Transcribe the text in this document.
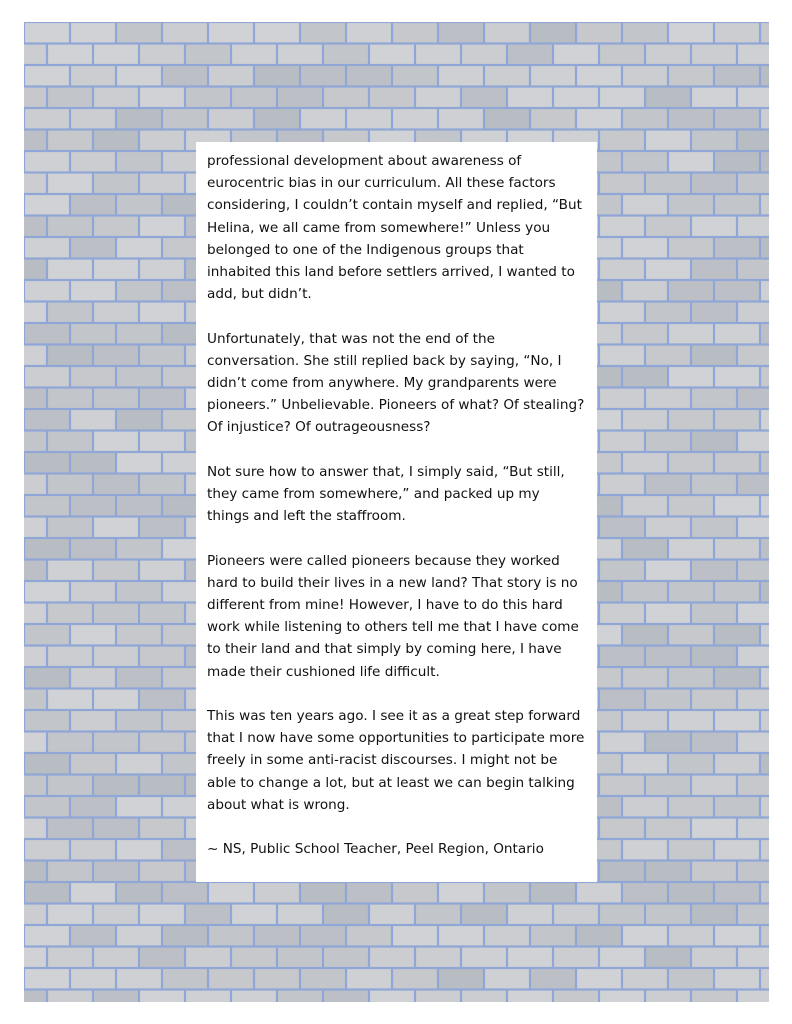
professional development about awareness of eurocentric bias in our curriculum. All these factors considering, I couldn’t contain myself and replied, “But Helina, we all came from somewhere!” Unless you belonged to one of the Indigenous groups that inhabited this land before settlers arrived, I wanted to add, but didn’t.

Unfortunately, that was not the end of the conversation. She still replied back by saying, “No, I didn’t come from anywhere. My grandparents were pioneers.” Unbelievable. Pioneers of what? Of stealing? Of injustice? Of outrageousness?

Not sure how to answer that, I simply said, “But still, they came from somewhere,” and packed up my things and left the staffroom.

Pioneers were called pioneers because they worked hard to build their lives in a new land? That story is no different from mine! However, I have to do this hard work while listening to others tell me that I have come to their land and that simply by coming here, I have made their cushioned life difficult.

This was ten years ago. I see it as a great step forward that I now have some opportunities to participate more freely in some anti-racist discourses. I might not be able to change a lot, but at least we can begin talking about what is wrong.

~ NS, Public School Teacher, Peel Region, Ontario
